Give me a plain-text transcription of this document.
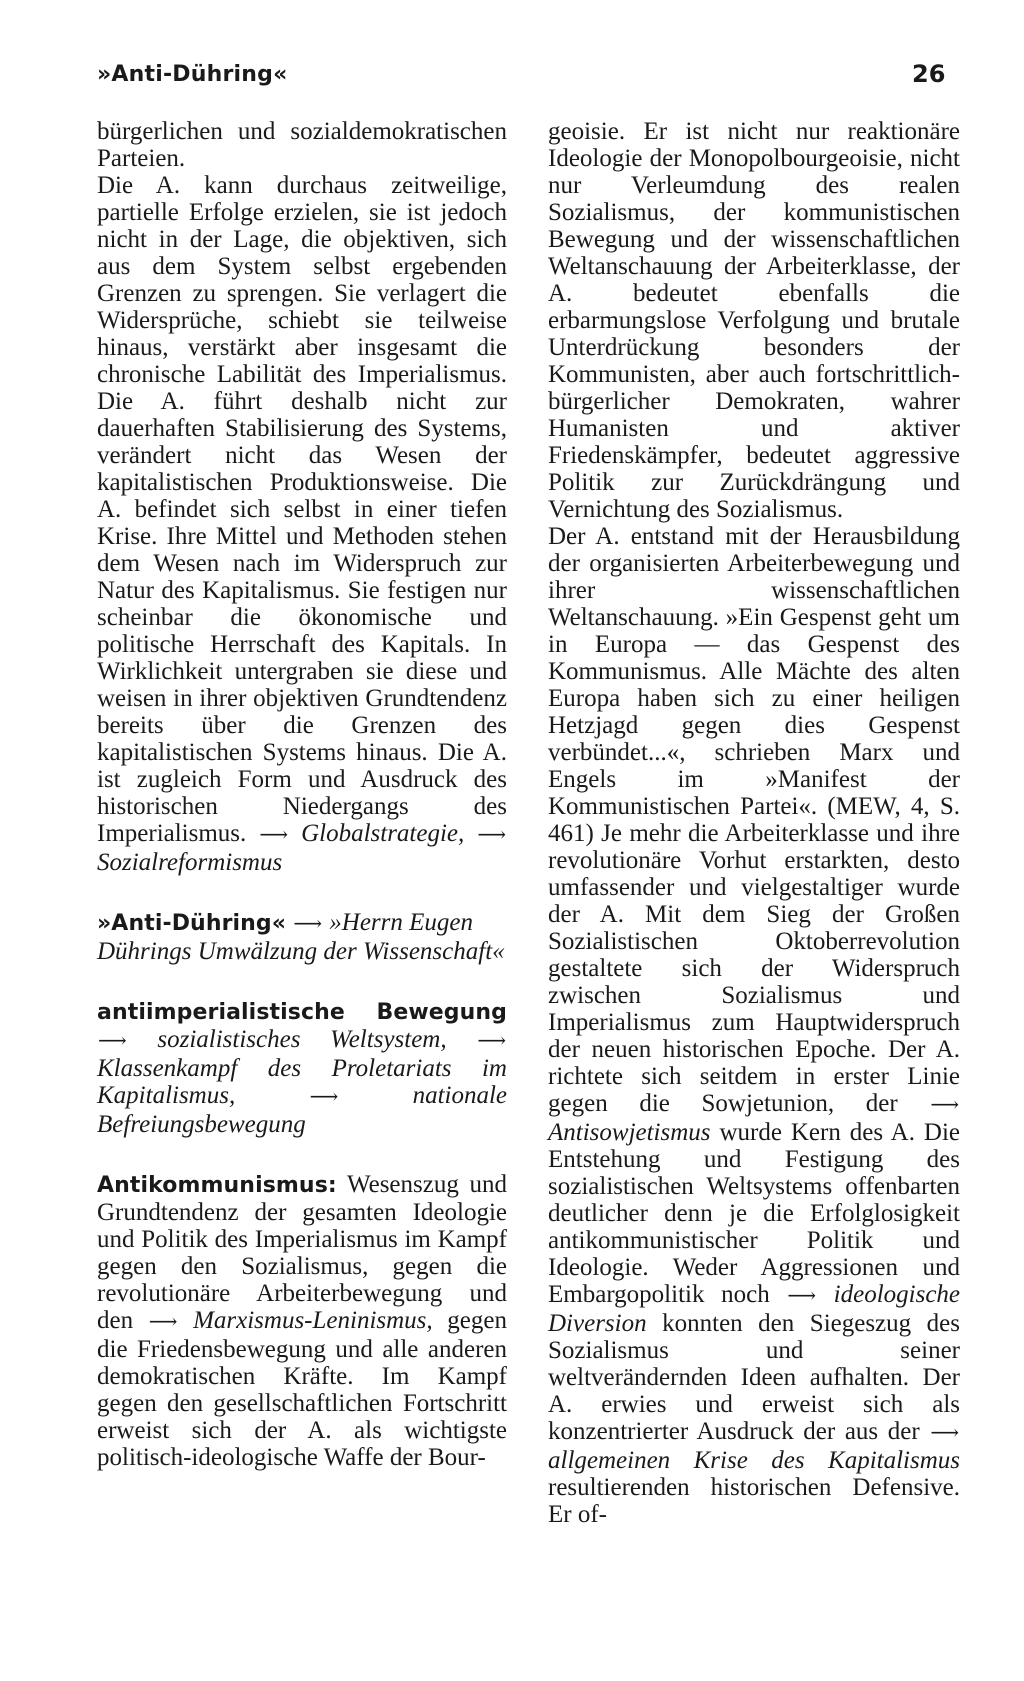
»Anti-Dühring«	26

bürgerlichen und sozialdemokratischen Parteien.

Die A. kann durchaus zeitweilige, partielle Erfolge erzielen, sie ist jedoch nicht in der Lage, die objektiven, sich aus dem System selbst ergebenden Grenzen zu sprengen. Sie verlagert die Widersprüche, schiebt sie teilweise hinaus, verstärkt aber insgesamt die chronische Labilität des Imperialismus. Die A. führt deshalb nicht zur dauerhaften Stabilisierung des Systems, verändert nicht das Wesen der kapitalistischen Produktionsweise. Die A. befindet sich selbst in einer tiefen Krise. Ihre Mittel und Methoden stehen dem Wesen nach im Widerspruch zur Natur des Kapitalismus. Sie festigen nur scheinbar die ökonomische und politische Herrschaft des Kapitals. In Wirklichkeit untergraben sie diese und weisen in ihrer objektiven Grundtendenz bereits über die Grenzen des kapitalistischen Systems hinaus. Die A. ist zugleich Form und Ausdruck des historischen Niedergangs des Imperialismus. ⟶ Globalstrategie, ⟶ Sozialreformismus

»Anti-Dühring« ⟶ »Herrn Eugen Dührings Umwälzung der Wissenschaft«

antiimperialistische Bewegung ⟶ sozialistisches Weltsystem, ⟶ Klassenkampf des Proletariats im Kapitalismus,	⟶	nationale Befreiungsbewegung

Antikommunismus: Wesenszug und Grundtendenz der gesamten Ideologie und Politik des Imperialismus im Kampf gegen den Sozialismus, gegen die revolutionäre Arbeiterbewegung und den ⟶ Marxismus-Leninismus, gegen die Friedensbewegung und alle anderen demokratischen Kräfte. Im Kampf gegen den gesellschaftlichen Fortschritt erweist sich der A. als wichtigste politisch-ideologische Waffe der Bour-

geoisie. Er ist nicht nur reaktionäre Ideologie der Monopolbourgeoisie, nicht nur Verleumdung des realen Sozialismus, der kommunistischen Bewegung und der wissenschaftlichen Weltanschauung der Arbeiterklasse, der A. bedeutet ebenfalls die erbarmungslose Verfolgung und brutale Unterdrückung besonders der Kommunisten, aber auch fortschrittlich-bürgerlicher Demokraten, wahrer Humanisten und aktiver Friedenskämpfer, bedeutet aggressive Politik zur Zurückdrängung und Vernichtung des Sozialismus.

Der A. entstand mit der Herausbildung der organisierten Arbeiterbewegung und ihrer wissenschaftlichen Weltanschauung. »Ein Gespenst geht um in Europa — das Gespenst des Kommunismus. Alle Mächte des alten Europa haben sich zu einer heiligen Hetzjagd gegen dies Gespenst verbündet...«, schrieben Marx und Engels im »Manifest der Kommunistischen Partei«. (MEW, 4, S. 461) Je mehr die Arbeiterklasse und ihre revolutionäre Vorhut erstarkten, desto umfassender und vielgestaltiger wurde der A. Mit dem Sieg der Großen Sozialistischen Oktoberrevolution gestaltete sich der Widerspruch zwischen Sozialismus und Imperialismus zum Hauptwiderspruch der neuen historischen Epoche. Der A. richtete sich seitdem in erster Linie gegen die Sowjetunion, der ⟶ Antisowjetismus wurde Kern des A. Die Entstehung und Festigung des sozialistischen Weltsystems offenbarten deutlicher denn je die Erfolglosigkeit antikommunistischer Politik und Ideologie. Weder Aggressionen und Embargopolitik noch ⟶ ideologische Diversion konnten den Siegeszug des Sozialismus und seiner weltverändernden Ideen aufhalten. Der A. erwies und erweist sich als konzentrierter Ausdruck der aus der ⟶ allgemeinen Krise des Kapitalismus resultierenden historischen Defensive. Er of-
